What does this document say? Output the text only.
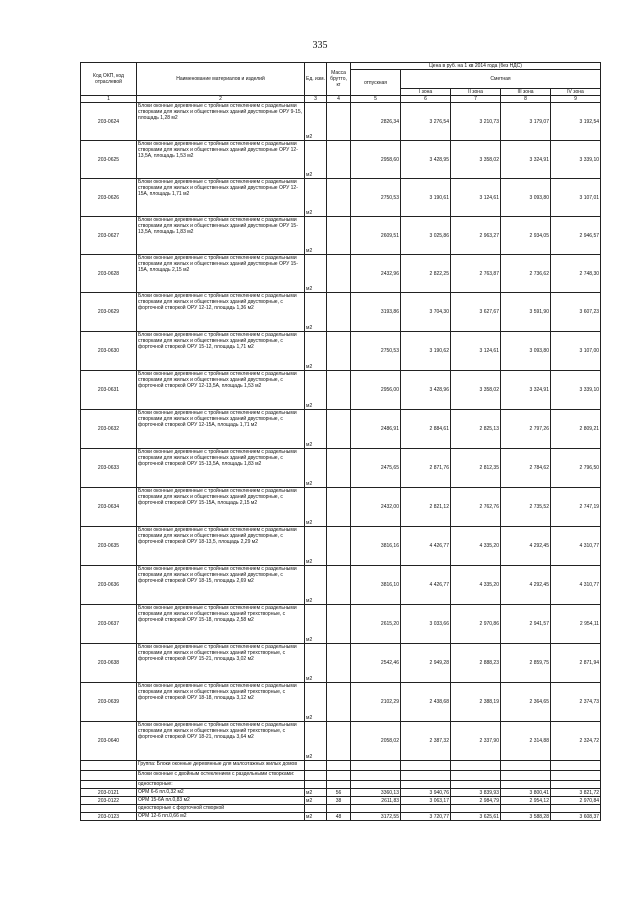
335
Код ОКП, код отраслевой	Наименование материалов и изделий	Ед. изм.	Масса брутто, кг	Цена в руб. на 1 кв 2014 года (без НДС)				
				отпускная	Сметная			
					I зона	II зона	III зона	IV зона
1	2	3	4	5	6	7	8	9
203-0624	Блоки оконные деревянные с тройным остеклением с раздельными створками для жилых и общественных зданий двустворные ОРУ 9-15, площадь 1,28 м2	м2		2826,34	3 276,54	3 210,73	3 179,07	3 192,54
203-0625	Блоки оконные деревянные с тройным остеклением с раздельными створками для жилых и общественных зданий двустворные ОРУ 12-13,5А, площадь 1,53 м2	м2		2958,60	3 428,95	3 358,02	3 324,91	3 339,10
203-0626	Блоки оконные деревянные с тройным остеклением с раздельными створками для жилых и общественных зданий двустворные ОРУ 12-15А, площадь 1,71 м2	м2		2750,53	3 190,61	3 124,61	3 093,80	3 107,01
203-0627	Блоки оконные деревянные с тройным остеклением с раздельными створками для жилых и общественных зданий двустворные ОРУ 15-13,5А, площадь 1,83 м2	м2		2609,51	3 025,86	2 963,27	2 934,05	2 946,57
203-0628	Блоки оконные деревянные с тройным остеклением с раздельными створками для жилых и общественных зданий двустворные ОРУ 15-15А, площадь 2,15 м2	м2		2432,96	2 822,25	2 763,87	2 736,62	2 748,30
203-0629	Блоки оконные деревянные с тройным остеклением с раздельными створками для жилых и общественных зданий двустворные, с форточной створкой ОРУ 12-12, площадь 1,36 м2	м2		3193,86	3 704,30	3 627,67	3 591,90	3 607,23
203-0630	Блоки оконные деревянные с тройным остеклением с раздельными створками для жилых и общественных зданий двустворные, с форточной створкой ОРУ 15-12, площадь 1,71 м2	м2		2750,53	3 190,62	3 124,61	3 093,80	3 107,00
203-0631	Блоки оконные деревянные с тройным остеклением с раздельными створками для жилых и общественных зданий двустворные, с форточной створкой ОРУ 12-13,5А, площадь 1,53 м2	м2		2956,00	3 428,96	3 358,02	3 324,91	3 339,10
203-0632	Блоки оконные деревянные с тройным остеклением с раздельными створками для жилых и общественных зданий двустворные, с форточной створкой ОРУ 12-15А, площадь 1,71 м2	м2		2486,91	2 884,61	2 825,13	2 797,26	2 809,21
203-0633	Блоки оконные деревянные с тройным остеклением с раздельными створками для жилых и общественных зданий двустворные, с форточной створкой ОРУ 15-13,5А, площадь 1,83 м2	м2		2475,65	2 871,76	2 812,35	2 784,62	2 796,50
203-0634	Блоки оконные деревянные с тройным остеклением с раздельными створками для жилых и общественных зданий двустворные, с форточной створкой ОРУ 15-15А, площадь 2,15 м2	м2		2432,00	2 821,12	2 762,76	2 735,52	2 747,19
203-0635	Блоки оконные деревянные с тройным остеклением с раздельными створками для жилых и общественных зданий двустворные, с форточной створкой ОРУ 18-13,5, площадь 2,29 м2	м2		3816,16	4 426,77	4 335,20	4 292,45	4 310,77
203-0636	Блоки оконные деревянные с тройным остеклением с раздельными створками для жилых и общественных зданий двустворные, с форточной створкой ОРУ 18-15, площадь 2,69 м2	м2		3816,10	4 426,77	4 335,20	4 292,45	4 310,77
203-0637	Блоки оконные деревянные с тройным остеклением с раздельными створками для жилых и общественных зданий трехстворные, с форточной створкой ОРУ 15-18, площадь 2,58 м2	м2		2615,20	3 033,66	2 970,86	2 941,57	2 954,11
203-0638	Блоки оконные деревянные с тройным остеклением с раздельными створками для жилых и общественных зданий трехстворные, с форточной створкой ОРУ 15-21, площадь 3,02 м2	м2		2542,46	2 949,28	2 888,23	2 859,75	2 871,94
203-0639	Блоки оконные деревянные с тройным остеклением с раздельными створками для жилых и общественных зданий трехстворные, с форточной створкой ОРУ 18-18, площадь 3,12 м2	м2		2102,29	2 438,68	2 388,19	2 364,65	2 374,73
203-0640	Блоки оконные деревянные с тройным остеклением с раздельными створками для жилых и общественных зданий трехстворные, с форточной створкой ОРУ 18-21, площадь 3,64 м2	м2		2058,02	2 387,32	2 337,90	2 314,88	2 324,72
	Группа: Блоки оконные деревянные для малоэтажных жилых домов							
	Блоки оконные с двойным остеклением с раздельными створками:							
	одностворные:							
203-0121	ОРМ 6-6 пл.0,32 м2	м2	56	3360,13	3 940,76	3 839,93	3 800,41	3 821,72
203-0122	ОРМ 15-6А пл.0,83 м2	м2	38	2611,83	3 063,17	2 984,79	2 954,12	2 970,84
	одностворные с форточной створкой							
203-0123	ОРМ 12-6 пл.0,66 м2	м2	48	3172,55	3 720,77	3 625,61	3 588,28	3 608,37
